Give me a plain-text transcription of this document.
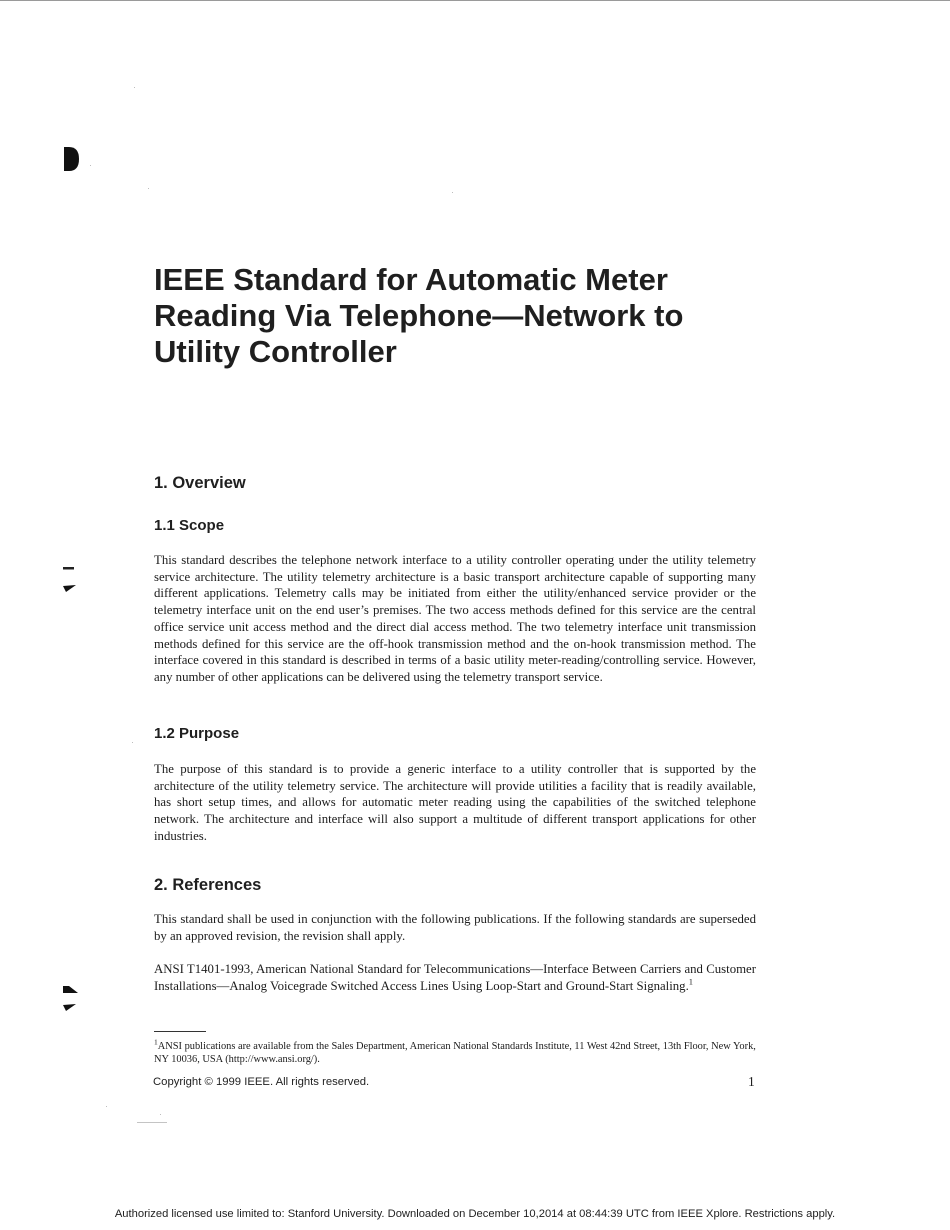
IEEE Standard for Automatic Meter
Reading Via Telephone—Network to
Utility Controller
1. Overview
1.1 Scope

This standard describes the telephone network interface to a utility controller operating under the utility telemetry service architecture. The utility telemetry architecture is a basic transport architecture capable of supporting many different applications. Telemetry calls may be initiated from either the utility/enhanced service provider or the telemetry interface unit on the end user’s premises. The two access methods defined for this service are the central office service unit access method and the direct dial access method. The two telemetry interface unit transmission methods defined for this service are the off-hook transmission method and the on-hook transmission method. The interface covered in this standard is described in terms of a basic utility meter-reading/controlling service. However, any number of other applications can be delivered using the telemetry transport service.

1.2 Purpose

The purpose of this standard is to provide a generic interface to a utility controller that is supported by the architecture of the utility telemetry service. The architecture will provide utilities a facility that is readily available, has short setup times, and allows for automatic meter reading using the capabilities of the switched telephone network. The architecture and interface will also support a multitude of different transport applications for other industries.

2. References

This standard shall be used in conjunction with the following publications. If the following standards are superseded by an approved revision, the revision shall apply.

ANSI T1401-1993, American National Standard for Telecommunications—Interface Between Carriers and Customer Installations—Analog Voicegrade Switched Access Lines Using Loop-Start and Ground-Start Signaling.$^1$

$^1$ANSI publications are available from the Sales Department, American National Standards Institute, 11 West 42nd Street, 13th Floor, New York, NY 10036, USA (http://www.ansi.org/).

Copyright © 1999 IEEE. All rights reserved.	1
Authorized licensed use limited to: Stanford University. Downloaded on December 10,2014 at 08:44:39 UTC from IEEE Xplore. Restrictions apply.
